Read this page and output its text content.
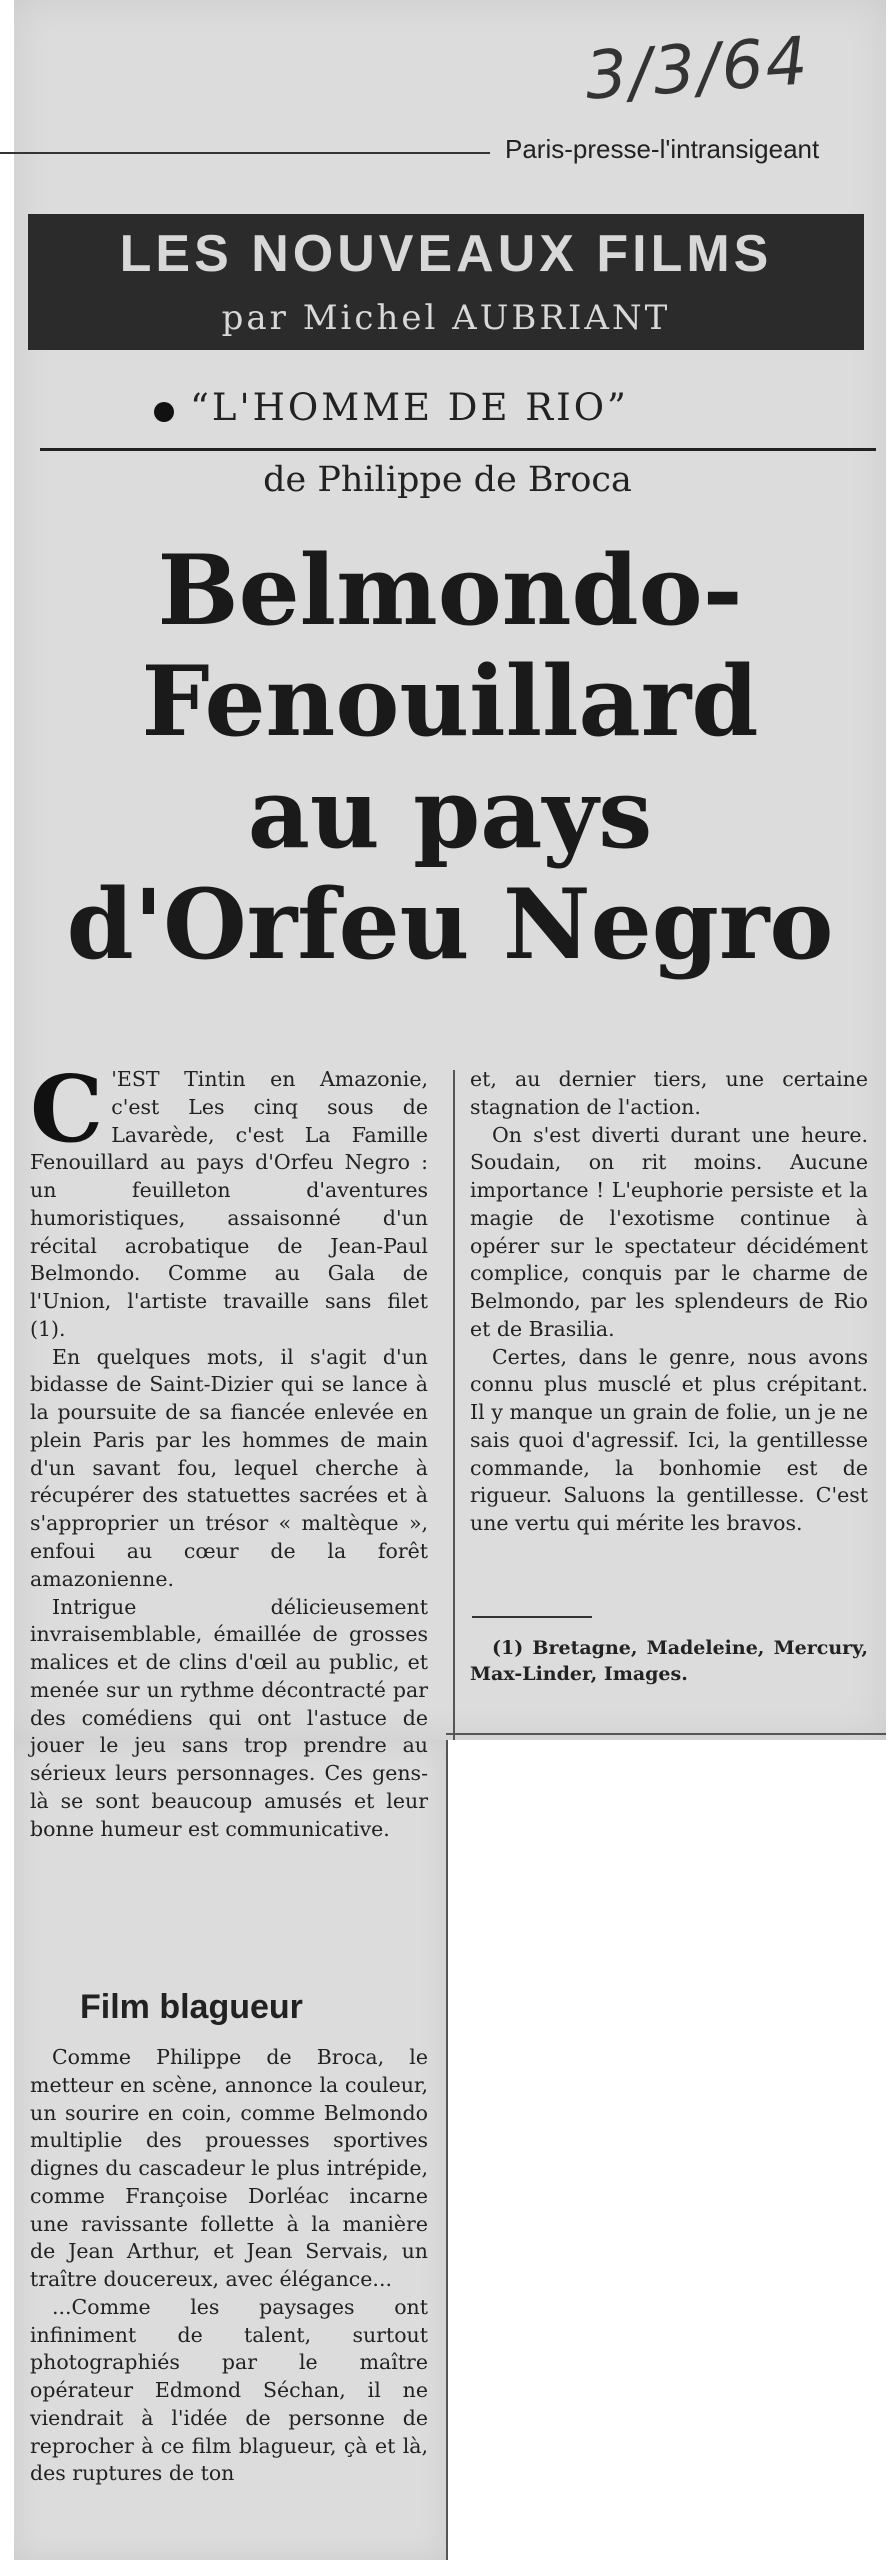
3/3/64
Paris-presse-l'intransigeant
LES NOUVEAUX FILMS
par Michel AUBRIANT
“L'HOMME DE RIO”
de Philippe de Broca
Belmondo-
Fenouillard
au pays
d'Orfeu Negro

C 'EST Tintin en Amazonie, c'est Les cinq sous de Lavarède, c'est La Famille Fenouillard au pays d'Orfeu Negro : un feuilleton d'aventures humoristiques, assaisonné d'un récital acrobatique de Jean-Paul Belmondo. Comme au Gala de l'Union, l'artiste travaille sans filet (1).

En quelques mots, il s'agit d'un bidasse de Saint-Dizier qui se lance à la poursuite de sa fiancée enlevée en plein Paris par les hommes de main d'un savant fou, lequel cherche à récupérer des statuettes sacrées et à s'approprier un trésor « maltèque », enfoui au cœur de la forêt amazonienne.

Intrigue délicieusement invraisemblable, émaillée de grosses malices et de clins d'œil au public, et menée sur un rythme décontracté par des comédiens qui ont l'astuce de jouer le jeu sans trop prendre au sérieux leurs personnages. Ces gens-là se sont beaucoup amusés et leur bonne humeur est communicative.

Film blagueur

Comme Philippe de Broca, le metteur en scène, annonce la couleur, un sourire en coin, comme Belmondo multiplie des prouesses sportives dignes du cascadeur le plus intrépide, comme Françoise Dorléac incarne une ravissante follette à la manière de Jean Arthur, et Jean Servais, un traître doucereux, avec élégance...

...Comme les paysages ont infiniment de talent, surtout photographiés par le maître opérateur Edmond Séchan, il ne viendrait à l'idée de personne de reprocher à ce film blagueur, çà et là, des ruptures de ton

et, au dernier tiers, une certaine stagnation de l'action.

On s'est diverti durant une heure. Soudain, on rit moins. Aucune importance ! L'euphorie persiste et la magie de l'exotisme continue à opérer sur le spectateur décidément complice, conquis par le charme de Belmondo, par les splendeurs de Rio et de Brasilia.

Certes, dans le genre, nous avons connu plus musclé et plus crépitant. Il y manque un grain de folie, un je ne sais quoi d'agressif. Ici, la gentillesse commande, la bonhomie est de rigueur. Saluons la gentillesse. C'est une vertu qui mérite les bravos.

(1) Bretagne, Madeleine, Mercury, Max-Linder, Images.
